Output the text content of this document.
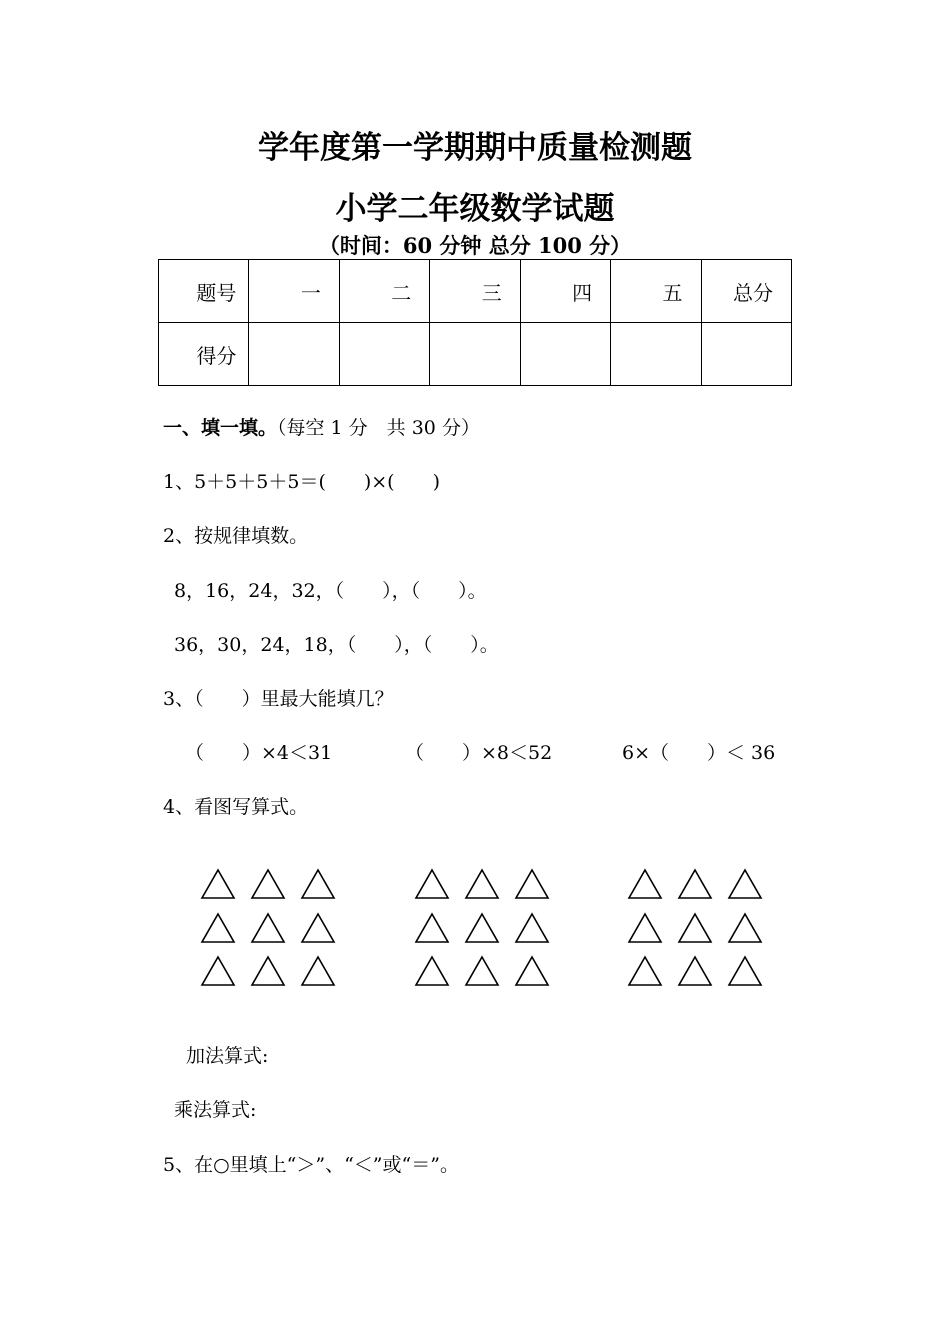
学年度第一学期期中质量检测题
小学二年级数学试题
（时间：60 分钟 总分 100 分）
题号	一	二	三	四	五	总分
得分						
一、填一填。（每空 1 分　共 30 分）
1、5＋5＋5＋5＝(　　)×(　　)
2、按规律填数。
8，16，24，32，（　　），（　　）。
36，30，24，18，（　　），（　　）。
3、（　　）里最大能填几？
（　　）×4＜31	（　　）×8＜52	6×（　　）＜ 36
4、看图写算式。
加法算式:
乘法算式:
5、在○里填上“＞”、“＜”或“＝”。
